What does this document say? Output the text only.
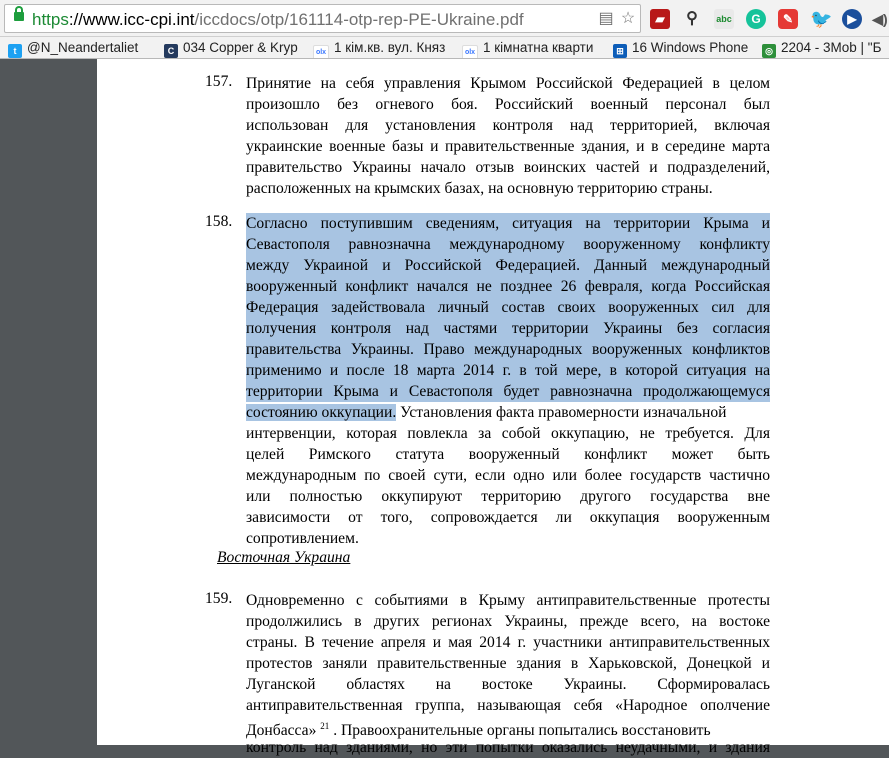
https://www.icc-cpi.int/iccdocs/otp/161114-otp-rep-PE-Ukraine.pdf	▤ ☆	▰	⚲	abc	G	✎ 🐦	▶	◀)
t @N_Neandertaliet	C 034 Copper & Kryp	olx 1 кім.кв. вул. Княз	olx 1 кімнатна кварти	⊞ 16 Windows Phone	◎ 2204 - 3Mob | "Б
157. Принятие на себя управления Крымом Российской Федерацией в целом
произошло без огневого боя. Российский военный персонал был
использован для установления контроля над территорией, включая
украинские военные базы и правительственные здания, и в середине марта
правительство Украины начало отзыв воинских частей и подразделений,
расположенных на крымских базах, на основную территорию страны.
158. Согласно поступившим сведениям, ситуация на территории Крыма и
Севастополя равнозначна международному вооруженному конфликту
между Украиной и Российской Федерацией. Данный международный
вооруженный конфликт начался не позднее 26 февраля, когда Российская
Федерация задействовала личный состав своих вооруженных сил для
получения контроля над частями территории Украины без согласия
правительства Украины. Право международных вооруженных конфликтов
применимо и после 18 марта 2014 г. в той мере, в которой ситуация на
территории Крыма и Севастополя будет равнозначна продолжающемуся
состоянию оккупации. Установления факта правомерности изначальной
интервенции, которая повлекла за собой оккупацию, не требуется. Для
целей Римского статута вооруженный конфликт может быть
международным по своей сути, если одно или более государств частично
или полностью оккупируют территорию другого государства вне
зависимости от того, сопровождается ли оккупация вооруженным
сопротивлением.
Восточная Украина
159. Одновременно с событиями в Крыму антиправительственные протесты
продолжились в других регионах Украины, прежде всего, на востоке
страны. В течение апреля и мая 2014 г. участники антиправительственных
протестов заняли правительственные здания в Харьковской, Донецкой и
Луганской областях на востоке Украины. Сформировалась
антиправительственная группа, называющая себя «Народное ополчение
Донбасса» $^{21}$ . Правоохранительные органы попытались восстановить
контроль над зданиями, но эти попытки оказались неудачными, и здания
